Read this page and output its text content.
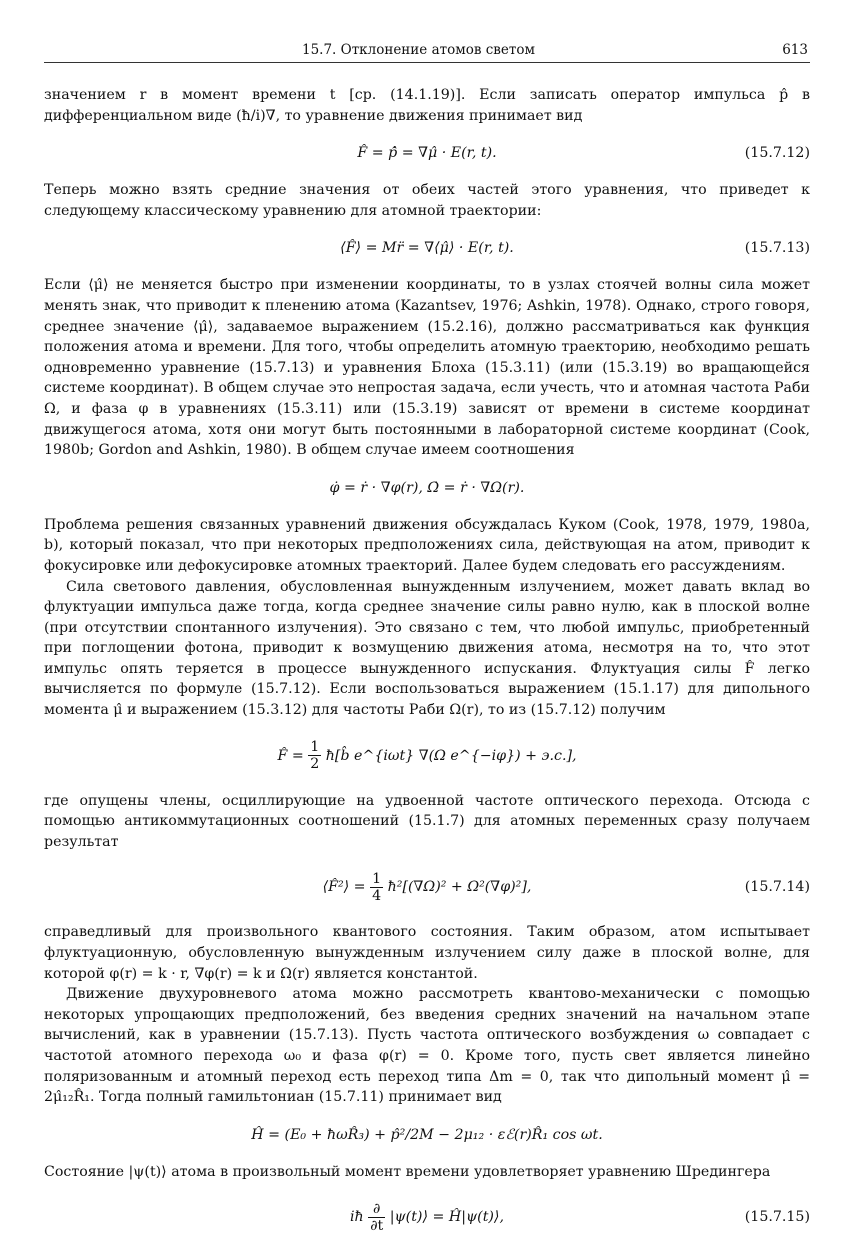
15.7. Отклонение атомов светом	613

значением r в момент времени t [ср. (14.1.19)]. Если записать оператор импульса p̂ в дифференциальном виде (ħ/i)∇, то уравнение движения принимает вид

F̂ = p̂̇ = ∇μ̂ · E(r, t).	(15.7.12)

Теперь можно взять средние значения от обеих частей этого уравнения, что приведет к следующему классическому уравнению для атомной траектории:

⟨F̂⟩ = Mr̈ = ∇⟨μ̂⟩ · E(r, t).	(15.7.13)

Если ⟨μ̂⟩ не меняется быстро при изменении координаты, то в узлах стоячей волны сила может менять знак, что приводит к пленению атома (Kazantsev, 1976; Ashkin, 1978). Однако, строго говоря, среднее значение ⟨μ̂⟩, задаваемое выражением (15.2.16), должно рассматриваться как функция положения атома и времени. Для того, чтобы определить атомную траекторию, необходимо решать одновременно уравнение (15.7.13) и уравнения Блоха (15.3.11) (или (15.3.19) во вращающейся системе координат). В общем случае это непростая задача, если учесть, что и атомная частота Раби Ω, и фаза φ в уравнениях (15.3.11) или (15.3.19) зависят от времени в системе координат движущегося атома, хотя они могут быть постоянными в лабораторной системе координат (Cook, 1980b; Gordon and Ashkin, 1980). В общем случае имеем соотношения

φ̇ = ṙ · ∇φ(r), Ω̇ = ṙ · ∇Ω(r).

Проблема решения связанных уравнений движения обсуждалась Куком (Cook, 1978, 1979, 1980a, b), который показал, что при некоторых предположениях сила, действующая на атом, приводит к фокусировке или дефокусировке атомных траекторий. Далее будем следовать его рассуждениям.

Сила светового давления, обусловленная вынужденным излучением, может давать вклад во флуктуации импульса даже тогда, когда среднее значение силы равно нулю, как в плоской волне (при отсутствии спонтанного излучения). Это связано с тем, что любой импульс, приобретенный при поглощении фотона, приводит к возмущению движения атома, несмотря на то, что этот импульс опять теряется в процессе вынужденного испускания. Флуктуация силы F̂ легко вычисляется по формуле (15.7.12). Если воспользоваться выражением (15.1.17) для дипольного момента μ̂ и выражением (15.3.12) для частоты Раби Ω(r), то из (15.7.12) получим

F̂ = $\frac{1}{2}$ ħ[b̂ e^{iωt} ∇(Ω e^{−iφ}) + э.с.],

где опущены члены, осциллирующие на удвоенной частоте оптического перехода. Отсюда с помощью антикоммутационных соотношений (15.1.7) для атомных переменных сразу получаем результат

⟨F̂²⟩ = $\frac{1}{4}$ ħ²[(∇Ω)² + Ω²(∇φ)²],	(15.7.14)

справедливый для произвольного квантового состояния. Таким образом, атом испытывает флуктуационную, обусловленную вынужденным излучением силу даже в плоской волне, для которой φ(r) = k · r, ∇φ(r) = k и Ω(r) является константой.

Движение двухуровневого атома можно рассмотреть квантово-механически с помощью некоторых упрощающих предположений, без введения средних значений на начальном этапе вычислений, как в уравнении (15.7.13). Пусть частота оптического возбуждения ω совпадает с частотой атомного перехода ω₀ и фаза φ(r) = 0. Кроме того, пусть свет является линейно поляризованным и атомный переход есть переход типа Δm = 0, так что дипольный момент μ̂ = 2μ̂₁₂R̂₁. Тогда полный гамильтониан (15.7.11) принимает вид

Ĥ = (E₀ + ħωR̂₃) + p̂²/2M − 2μ₁₂ · εℰ(r)R̂₁ cos ωt.

Состояние |ψ(t)⟩ атома в произвольный момент времени удовлетворяет уравнению Шредингера

iħ $\frac{\partial}{\partial t}$ |ψ(t)⟩ = Ĥ|ψ(t)⟩,	(15.7.15)
